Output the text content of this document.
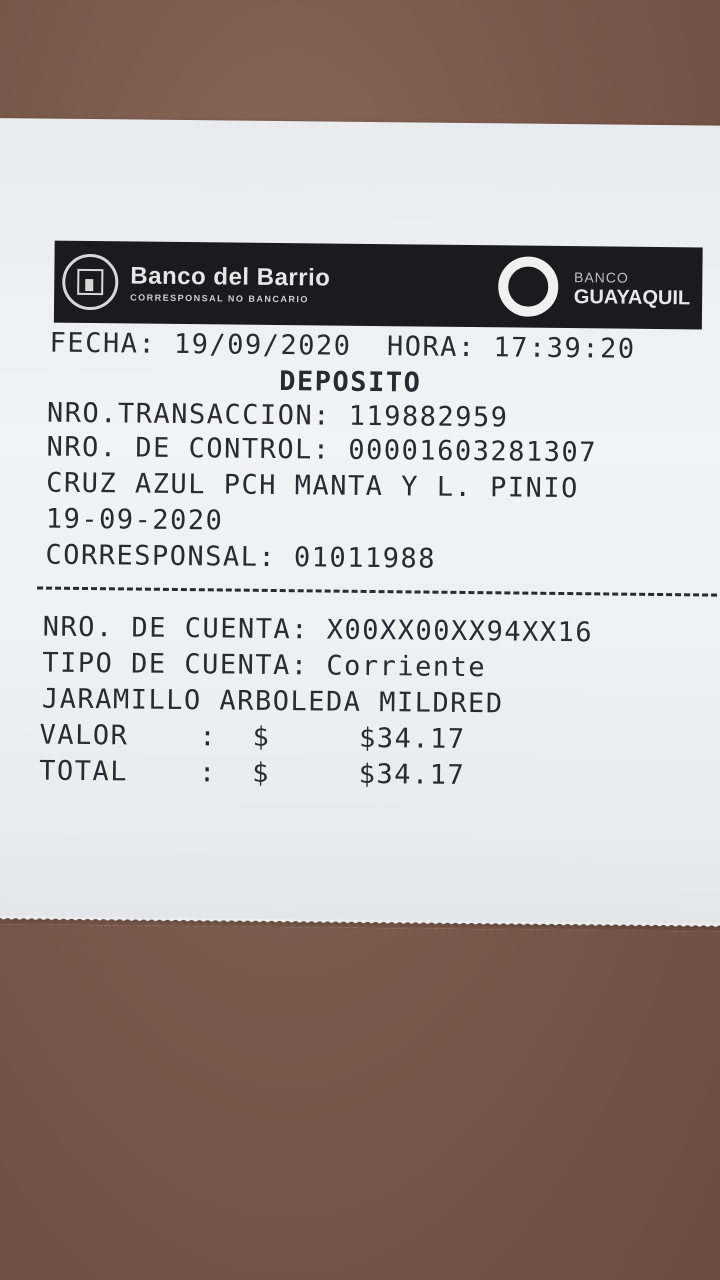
Banco del Barrio
CORRESPONSAL NO BANCARIO
BANCO
GUAYAQUIL
FECHA: 19/09/2020  HORA: 17:39:20
DEPOSITO
NRO.TRANSACCION: 119882959
NRO. DE CONTROL: 00001603281307
CRUZ AZUL PCH MANTA Y L. PINIO
19-09-2020
CORRESPONSAL: 01011988
NRO. DE CUENTA: X00XX00XX94XX16
TIPO DE CUENTA: Corriente
JARAMILLO ARBOLEDA MILDRED
VALOR    :  $     $34.17
TOTAL    :  $     $34.17
